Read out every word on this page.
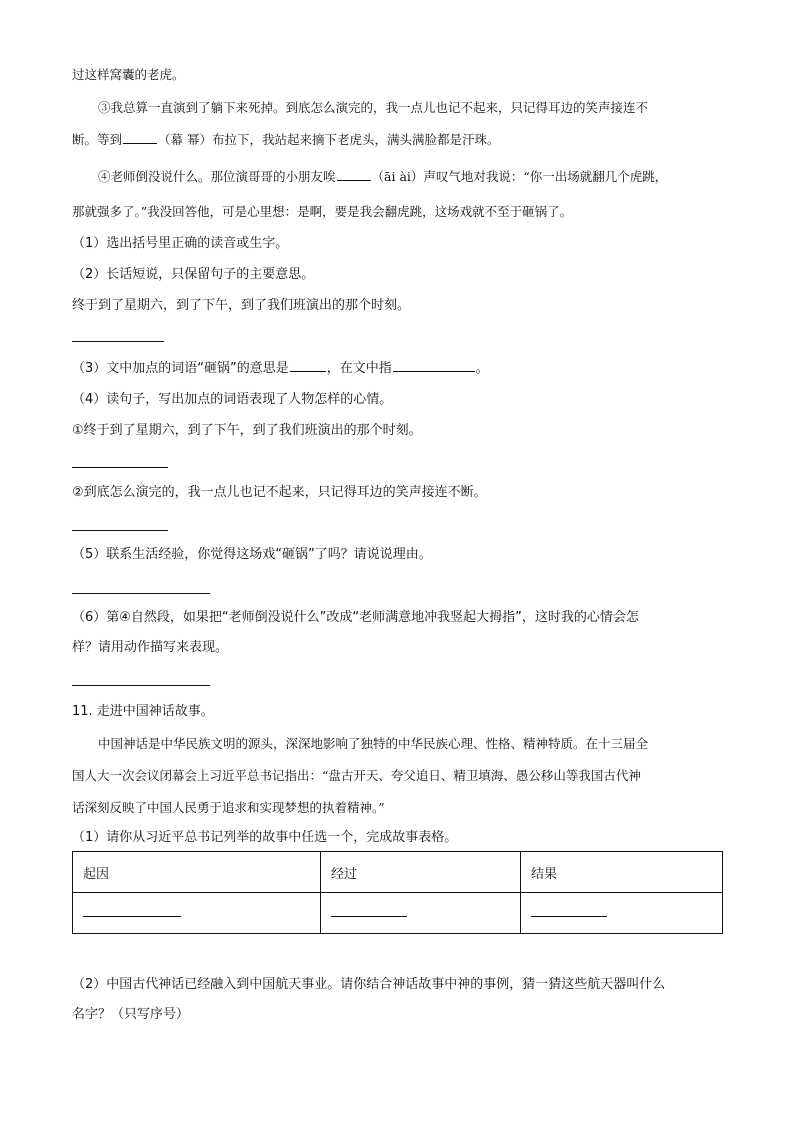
过这样窝囊的老虎。
③我总算一直演到了躺下来死掉。到底怎么演完的，我一点儿也记不起来，只记得耳边的笑声接连不
断。等到	（幕 幂）布拉下，我站起来摘下老虎头，满头满脸都是汗珠。
④老师倒没说什么。那位演哥哥的小朋友唉	（āi ài）声叹气地对我说：“你一出场就翻几个虎跳，
那就强多了。”我没回答他，可是心里想：是啊，要是我会翻虎跳，这场戏就不至于砸锅了。
（1）选出括号里正确的读音或生字。
（2）长话短说，只保留句子的主要意思。
终于到了星期六，到了下午，到了我们班演出的那个时刻。
（3）文中加点的词语“砸锅”的意思是	，在文中指	。
（4）读句子，写出加点的词语表现了人物怎样的心情。
①终于到了星期六，到了下午，到了我们班演出的那个时刻。
②到底怎么演完的，我一点儿也记不起来，只记得耳边的笑声接连不断。
（5）联系生活经验，你觉得这场戏“砸锅”了吗？请说说理由。
（6）第④自然段，如果把“老师倒没说什么”改成“老师满意地冲我竖起大拇指”，这时我的心情会怎
样？请用动作描写来表现。
11. 走进中国神话故事。
中国神话是中华民族文明的源头，深深地影响了独特的中华民族心理、性格、精神特质。在十三届全
国人大一次会议闭幕会上习近平总书记指出：“盘古开天、夸父追日、精卫填海、愚公移山等我国古代神
话深刻反映了中国人民勇于追求和实现梦想的执着精神。”
（1）请你从习近平总书记列举的故事中任选一个，完成故事表格。
起因	经过	结果

（2）中国古代神话已经融入到中国航天事业。请你结合神话故事中神的事例，猜一猜这些航天器叫什么
名字？（只写序号）
